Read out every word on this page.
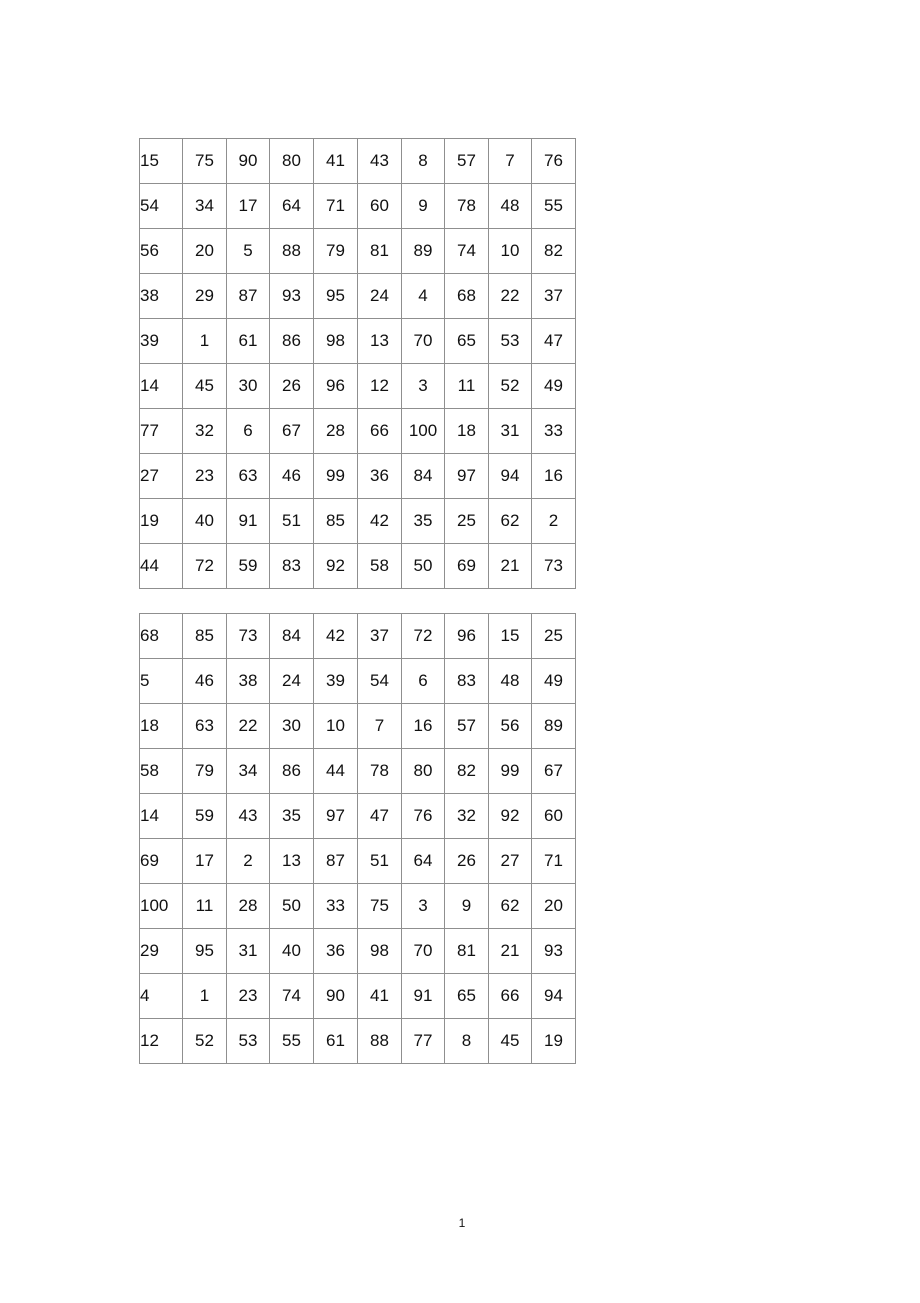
15	75	90	80	41	43	8	57	7	76
54	34	17	64	71	60	9	78	48	55
56	20	5	88	79	81	89	74	10	82
38	29	87	93	95	24	4	68	22	37
39	1	61	86	98	13	70	65	53	47
14	45	30	26	96	12	3	11	52	49
77	32	6	67	28	66	100	18	31	33
27	23	63	46	99	36	84	97	94	16
19	40	91	51	85	42	35	25	62	2
44	72	59	83	92	58	50	69	21	73
68	85	73	84	42	37	72	96	15	25
5	46	38	24	39	54	6	83	48	49
18	63	22	30	10	7	16	57	56	89
58	79	34	86	44	78	80	82	99	67
14	59	43	35	97	47	76	32	92	60
69	17	2	13	87	51	64	26	27	71
100	11	28	50	33	75	3	9	62	20
29	95	31	40	36	98	70	81	21	93
4	1	23	74	90	41	91	65	66	94
12	52	53	55	61	88	77	8	45	19
1
